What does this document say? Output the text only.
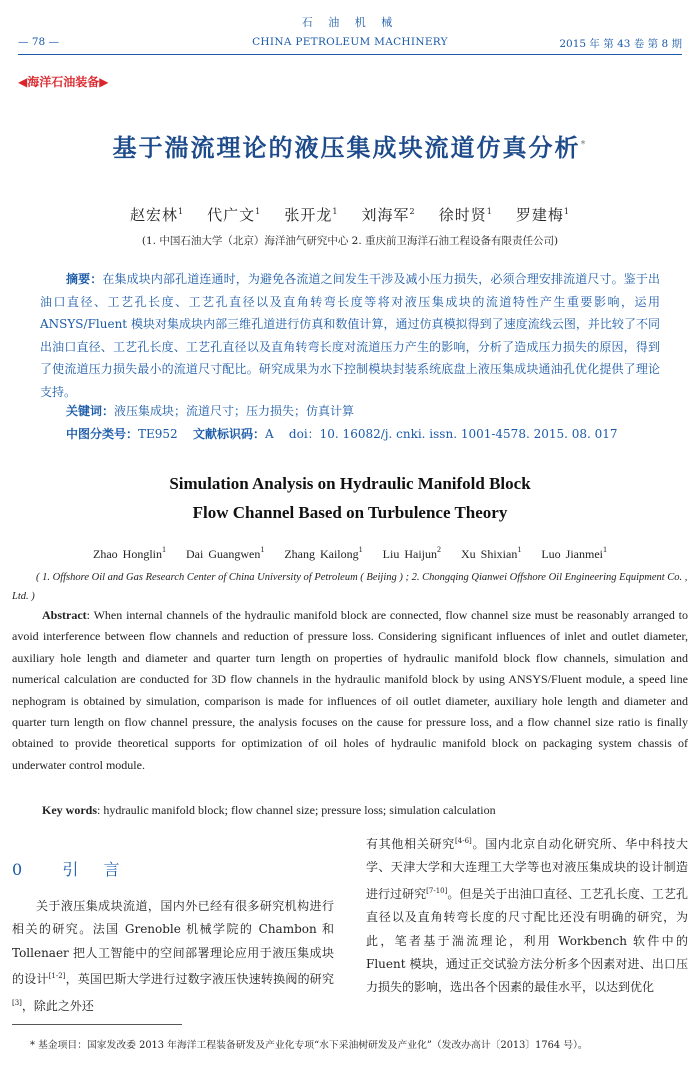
石 油 机 械
— 78 —	CHINA PETROLEUM MACHINERY	2015 年 第 43 卷 第 8 期
◀海洋石油装备▶
基于湍流理论的液压集成块流道仿真分析*
赵宏林$^1$ 代广文$^1$ 张开龙$^1$ 刘海军$^2$ 徐时贤$^1$ 罗建梅$^1$
(1. 中国石油大学（北京）海洋油气研究中心 2. 重庆前卫海洋石油工程设备有限责任公司)

摘要：在集成块内部孔道连通时，为避免各流道之间发生干涉及减小压力损失，必须合理安排流道尺寸。鉴于出油口直径、工艺孔长度、工艺孔直径以及直角转弯长度等将对液压集成块的流道特性产生重要影响，运用 ANSYS/Fluent 模块对集成块内部三维孔道进行仿真和数值计算，通过仿真模拟得到了速度流线云图，并比较了不同出油口直径、工艺孔长度、工艺孔直径以及直角转弯长度对流道压力产生的影响，分析了造成压力损失的原因，得到了使流道压力损失最小的流道尺寸配比。研究成果为水下控制模块封装系统底盘上液压集成块通油孔优化提供了理论支持。

关键词：液压集成块；流道尺寸；压力损失；仿真计算
中图分类号：TE952 文献标识码：A doi：10. 16082/j. cnki. issn. 1001-4578. 2015. 08. 017
Simulation Analysis on Hydraulic Manifold Block
Flow Channel Based on Turbulence Theory
Zhao Honglin$^1$ Dai Guangwen$^1$ Zhang Kailong$^1$ Liu Haijun$^2$ Xu Shixian$^1$ Luo Jianmei$^1$

( 1. Offshore Oil and Gas Research Center of China University of Petroleum ( Beijing ) ; 2. Chongqing Qianwei Offshore Oil Engineering Equipment Co. , Ltd. )

Abstract: When internal channels of the hydraulic manifold block are connected, flow channel size must be reasonably arranged to avoid interference between flow channels and reduction of pressure loss. Considering significant influences of inlet and outlet diameter, auxiliary hole length and diameter and quarter turn length on properties of hydraulic manifold block flow channels, simulation and numerical calculation are conducted for 3D flow channels in the hydraulic manifold block by using ANSYS/Fluent module, a speed line nephogram is obtained by simulation, comparison is made for influences of oil outlet diameter, auxiliary hole length and diameter and quarter turn length on flow channel pressure, the analysis focuses on the cause for pressure loss, and a flow channel size ratio is finally obtained to provide theoretical supports for optimization of oil holes of hydraulic manifold block on packaging system chassis of underwater control module.

Key words: hydraulic manifold block; flow channel size; pressure loss; simulation calculation
0 引 言

关于液压集成块流道，国内外已经有很多研究机构进行相关的研究。法国 Grenoble 机械学院的 Chambon 和 Tollenaer 把人工智能中的空间部署理论应用于液压集成块的设计[1-2]，英国巴斯大学进行过数字液压快速转换阀的研究[3]，除此之外还

有其他相关研究[4-6]。国内北京自动化研究所、华中科技大学、天津大学和大连理工大学等也对液压集成块的设计制造进行过研究[7-10]。但是关于出油口直径、工艺孔长度、工艺孔直径以及直角转弯长度的尺寸配比还没有明确的研究，为此，笔者基于湍流理论，利用 Workbench 软件中的 Fluent 模块，通过正交试验方法分析多个因素对进、出口压力损失的影响，选出各个因素的最佳水平，以达到优化

* 基金项目：国家发改委 2013 年海洋工程装备研发及产业化专项“水下采油树研发及产业化”（发改办高计〔2013〕1764 号）。
